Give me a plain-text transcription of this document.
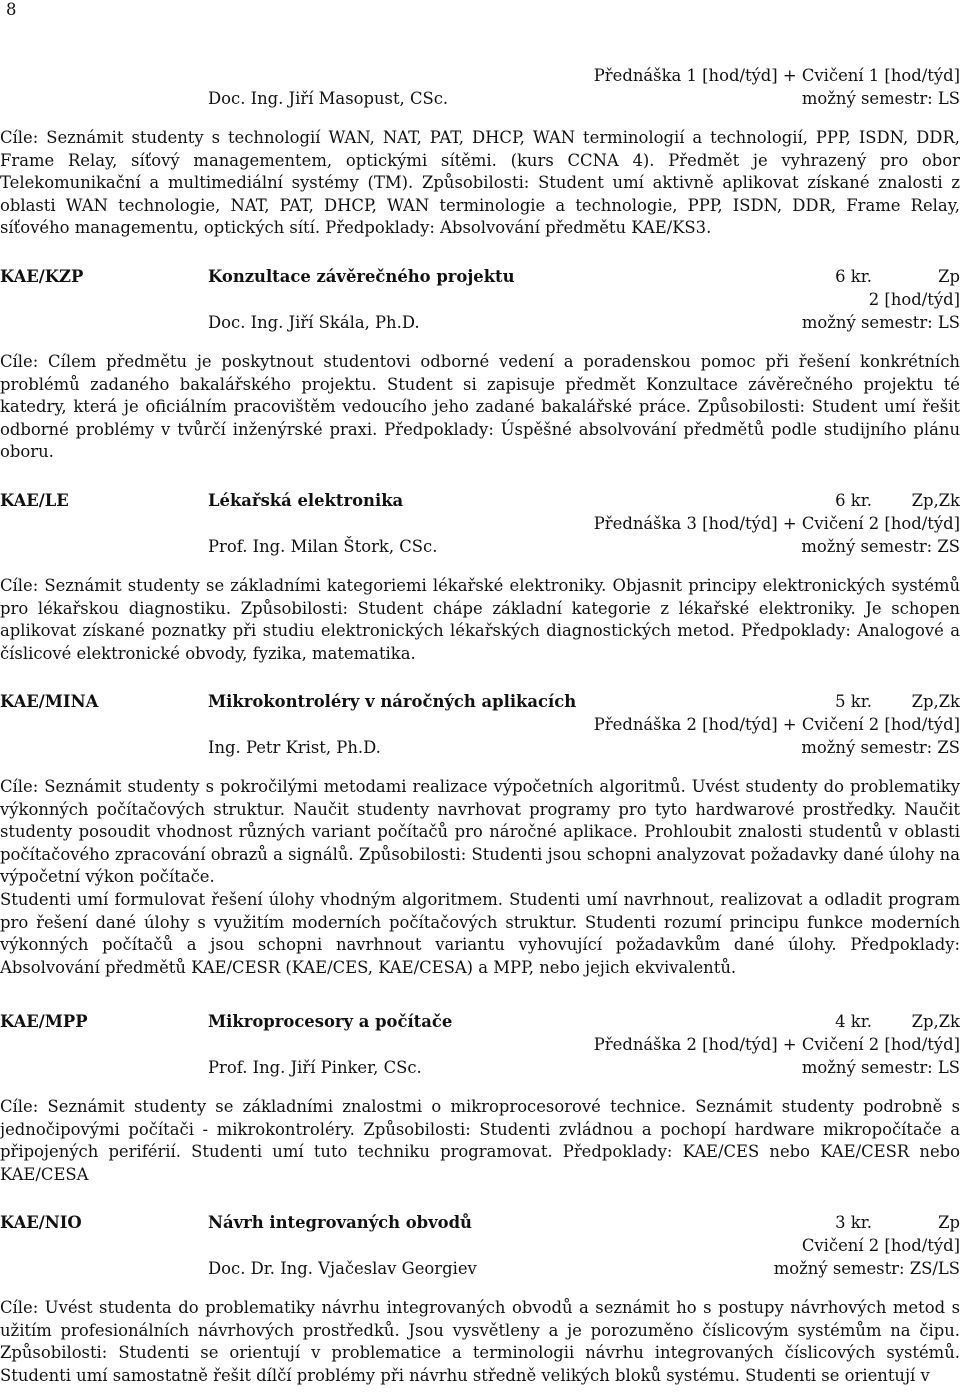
8
Přednáška 1 [hod/týd] + Cvičení 1 [hod/týd]
Doc. Ing. Jiří Masopust, CSc.	možný semestr: LS

Cíle: Seznámit studenty s technologií WAN, NAT, PAT, DHCP, WAN terminologií a technologií, PPP, ISDN, DDR, Frame Relay, síťový managementem, optickými sítěmi. (kurs CCNA 4). Předmět je vyhrazený pro obor Telekomunikační a multimediální systémy (TM). Způsobilosti: Student umí aktivně aplikovat získané znalosti z oblasti WAN technologie, NAT, PAT, DHCP, WAN terminologie a technologie, PPP, ISDN, DDR, Frame Relay, síťového managementu, optických sítí. Předpoklady: Absolvování předmětu KAE/KS3.

KAE/KZP	Konzultace závěrečného projektu	6 kr.	Zp
2 [hod/týd]
Doc. Ing. Jiří Skála, Ph.D.	možný semestr: LS

Cíle: Cílem předmětu je poskytnout studentovi odborné vedení a poradenskou pomoc při řešení konkrétních problémů zadaného bakalářského projektu. Student si zapisuje předmět Konzultace závěrečného projektu té katedry, která je oficiálním pracovištěm vedoucího jeho zadané bakalářské práce. Způsobilosti: Student umí řešit odborné problémy v tvůrčí inženýrské praxi. Předpoklady: Úspěšné absolvování předmětů podle studijního plánu oboru.

KAE/LE	Lékařská elektronika	6 kr. Zp,Zk
Přednáška 3 [hod/týd] + Cvičení 2 [hod/týd]
Prof. Ing. Milan Štork, CSc.	možný semestr: ZS

Cíle: Seznámit studenty se základními kategoriemi lékařské elektroniky. Objasnit principy elektronických systémů pro lékařskou diagnostiku. Způsobilosti: Student chápe základní kategorie z lékařské elektroniky. Je schopen aplikovat získané poznatky při studiu elektronických lékařských diagnostických metod. Předpoklady: Analogové a číslicové elektronické obvody, fyzika, matematika.

KAE/MINA	Mikrokontroléry v náročných aplikacích	5 kr. Zp,Zk
Přednáška 2 [hod/týd] + Cvičení 2 [hod/týd]
Ing. Petr Krist, Ph.D.	možný semestr: ZS

Cíle: Seznámit studenty s pokročilými metodami realizace výpočetních algoritmů. Uvést studenty do problematiky výkonných počítačových struktur. Naučit studenty navrhovat programy pro tyto hardwarové prostředky. Naučit studenty posoudit vhodnost různých variant počítačů pro náročné aplikace. Prohloubit znalosti studentů v oblasti počítačového zpracování obrazů a signálů. Způsobilosti: Studenti jsou schopni analyzovat požadavky dané úlohy na výpočetní výkon počítače.

Studenti umí formulovat řešení úlohy vhodným algoritmem. Studenti umí navrhnout, realizovat a odladit program pro řešení dané úlohy s využitím moderních počítačových struktur. Studenti rozumí principu funkce moderních výkonných počítačů a jsou schopni navrhnout variantu vyhovující požadavkům dané úlohy. Předpoklady: Absolvování předmětů KAE/CESR (KAE/CES, KAE/CESA) a MPP, nebo jejich ekvivalentů.

KAE/MPP	Mikroprocesory a počítače	4 kr. Zp,Zk
Přednáška 2 [hod/týd] + Cvičení 2 [hod/týd]
Prof. Ing. Jiří Pinker, CSc.	možný semestr: LS

Cíle: Seznámit studenty se základními znalostmi o mikroprocesorové technice. Seznámit studenty podrobně s jednočipovými počítači - mikrokontroléry. Způsobilosti: Studenti zvládnou a pochopí hardware mikropočítače a připojených periférií. Studenti umí tuto techniku programovat. Předpoklady: KAE/CES nebo KAE/CESR nebo KAE/CESA

KAE/NIO	Návrh integrovaných obvodů	3 kr.	Zp
Cvičení 2 [hod/týd]
Doc. Dr. Ing. Vjačeslav Georgiev	možný semestr: ZS/LS

Cíle: Uvést studenta do problematiky návrhu integrovaných obvodů a seznámit ho s postupy návrhových metod s užitím profesionálních návrhových prostředků. Jsou vysvětleny a je porozuměno číslicovým systémům na čipu. Způsobilosti: Studenti se orientují v problematice a terminologii návrhu integrovaných číslicových systémů. Studenti umí samostatně řešit dílčí problémy při návrhu středně velikých bloků systému. Studenti se orientují v
